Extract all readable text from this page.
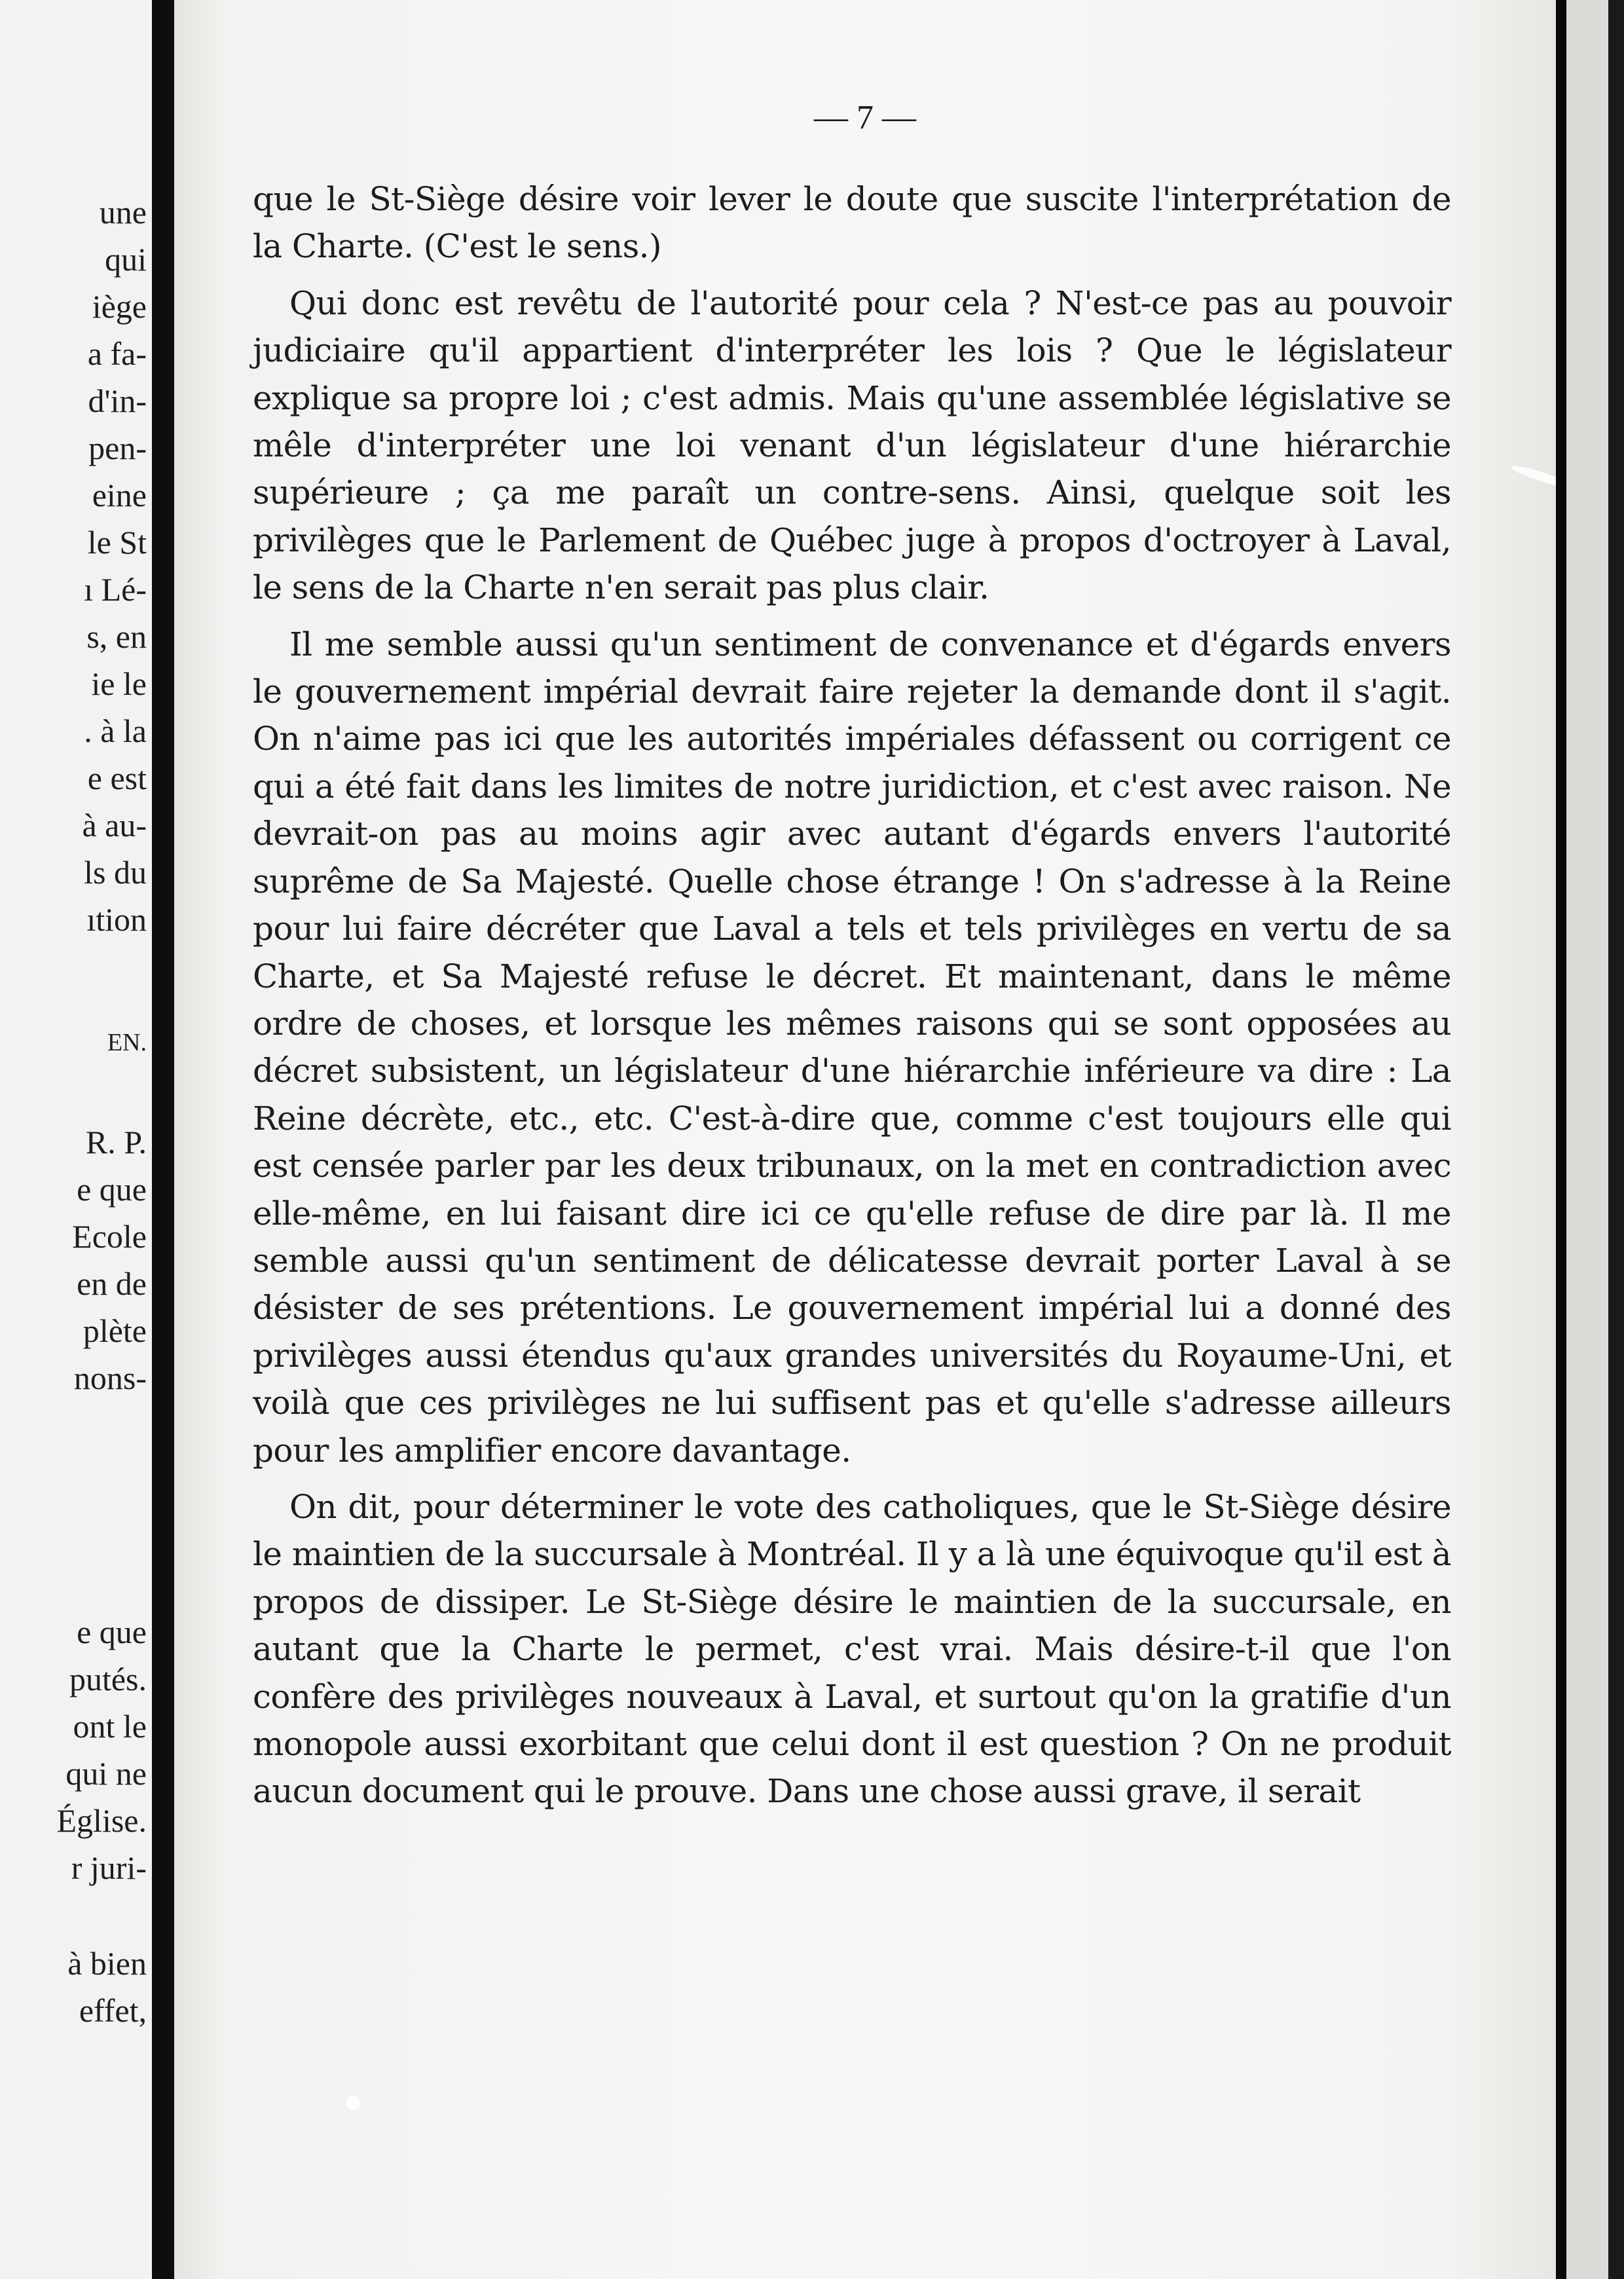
une
qui
iège
a fa-
d'in-
pen-
eine
le St
ı Lé-
s, en
ie le
. à la
e est
à au-
ls du
ıtion
EN.
R. P.
e que
Ecole
en de
plète
nons-
e que
putés.
ont le
qui ne
Église.
r juri-
à bien
effet,
— 7 —

que le St-Siège désire voir lever le doute que suscite l'interprétation de la Charte. (C'est le sens.)

Qui donc est revêtu de l'autorité pour cela ? N'est-ce pas au pouvoir judiciaire qu'il appartient d'interpréter les lois ? Que le législateur explique sa propre loi ; c'est admis. Mais qu'une assemblée législative se mêle d'interpréter une loi venant d'un législateur d'une hiérarchie supérieure ; ça me paraît un contre-sens. Ainsi, quelque soit les privilèges que le Parlement de Québec juge à propos d'octroyer à Laval, le sens de la Charte n'en serait pas plus clair.

Il me semble aussi qu'un sentiment de convenance et d'égards envers le gouvernement impérial devrait faire rejeter la demande dont il s'agit. On n'aime pas ici que les autorités impériales défassent ou corrigent ce qui a été fait dans les limites de notre juridiction, et c'est avec raison. Ne devrait-on pas au moins agir avec autant d'égards envers l'autorité suprême de Sa Majesté. Quelle chose étrange ! On s'adresse à la Reine pour lui faire décréter que Laval a tels et tels privilèges en vertu de sa Charte, et Sa Majesté refuse le décret. Et maintenant, dans le même ordre de choses, et lorsque les mêmes raisons qui se sont opposées au décret subsistent, un législateur d'une hiérarchie inférieure va dire : La Reine décrète, etc., etc. C'est-à-dire que, comme c'est toujours elle qui est censée parler par les deux tribunaux, on la met en contradiction avec elle-même, en lui faisant dire ici ce qu'elle refuse de dire par là. Il me semble aussi qu'un sentiment de délicatesse devrait porter Laval à se désister de ses prétentions. Le gouvernement impérial lui a donné des privilèges aussi étendus qu'aux grandes universités du Royaume-Uni, et voilà que ces privilèges ne lui suffisent pas et qu'elle s'adresse ailleurs pour les amplifier encore davantage.

On dit, pour déterminer le vote des catholiques, que le St-Siège désire le maintien de la succursale à Montréal. Il y a là une équivoque qu'il est à propos de dissiper. Le St-Siège désire le maintien de la succursale, en autant que la Charte le permet, c'est vrai. Mais désire-t-il que l'on confère des privilèges nouveaux à Laval, et surtout qu'on la gratifie d'un monopole aussi exorbitant que celui dont il est question ? On ne produit aucun document qui le prouve. Dans une chose aussi grave, il serait
